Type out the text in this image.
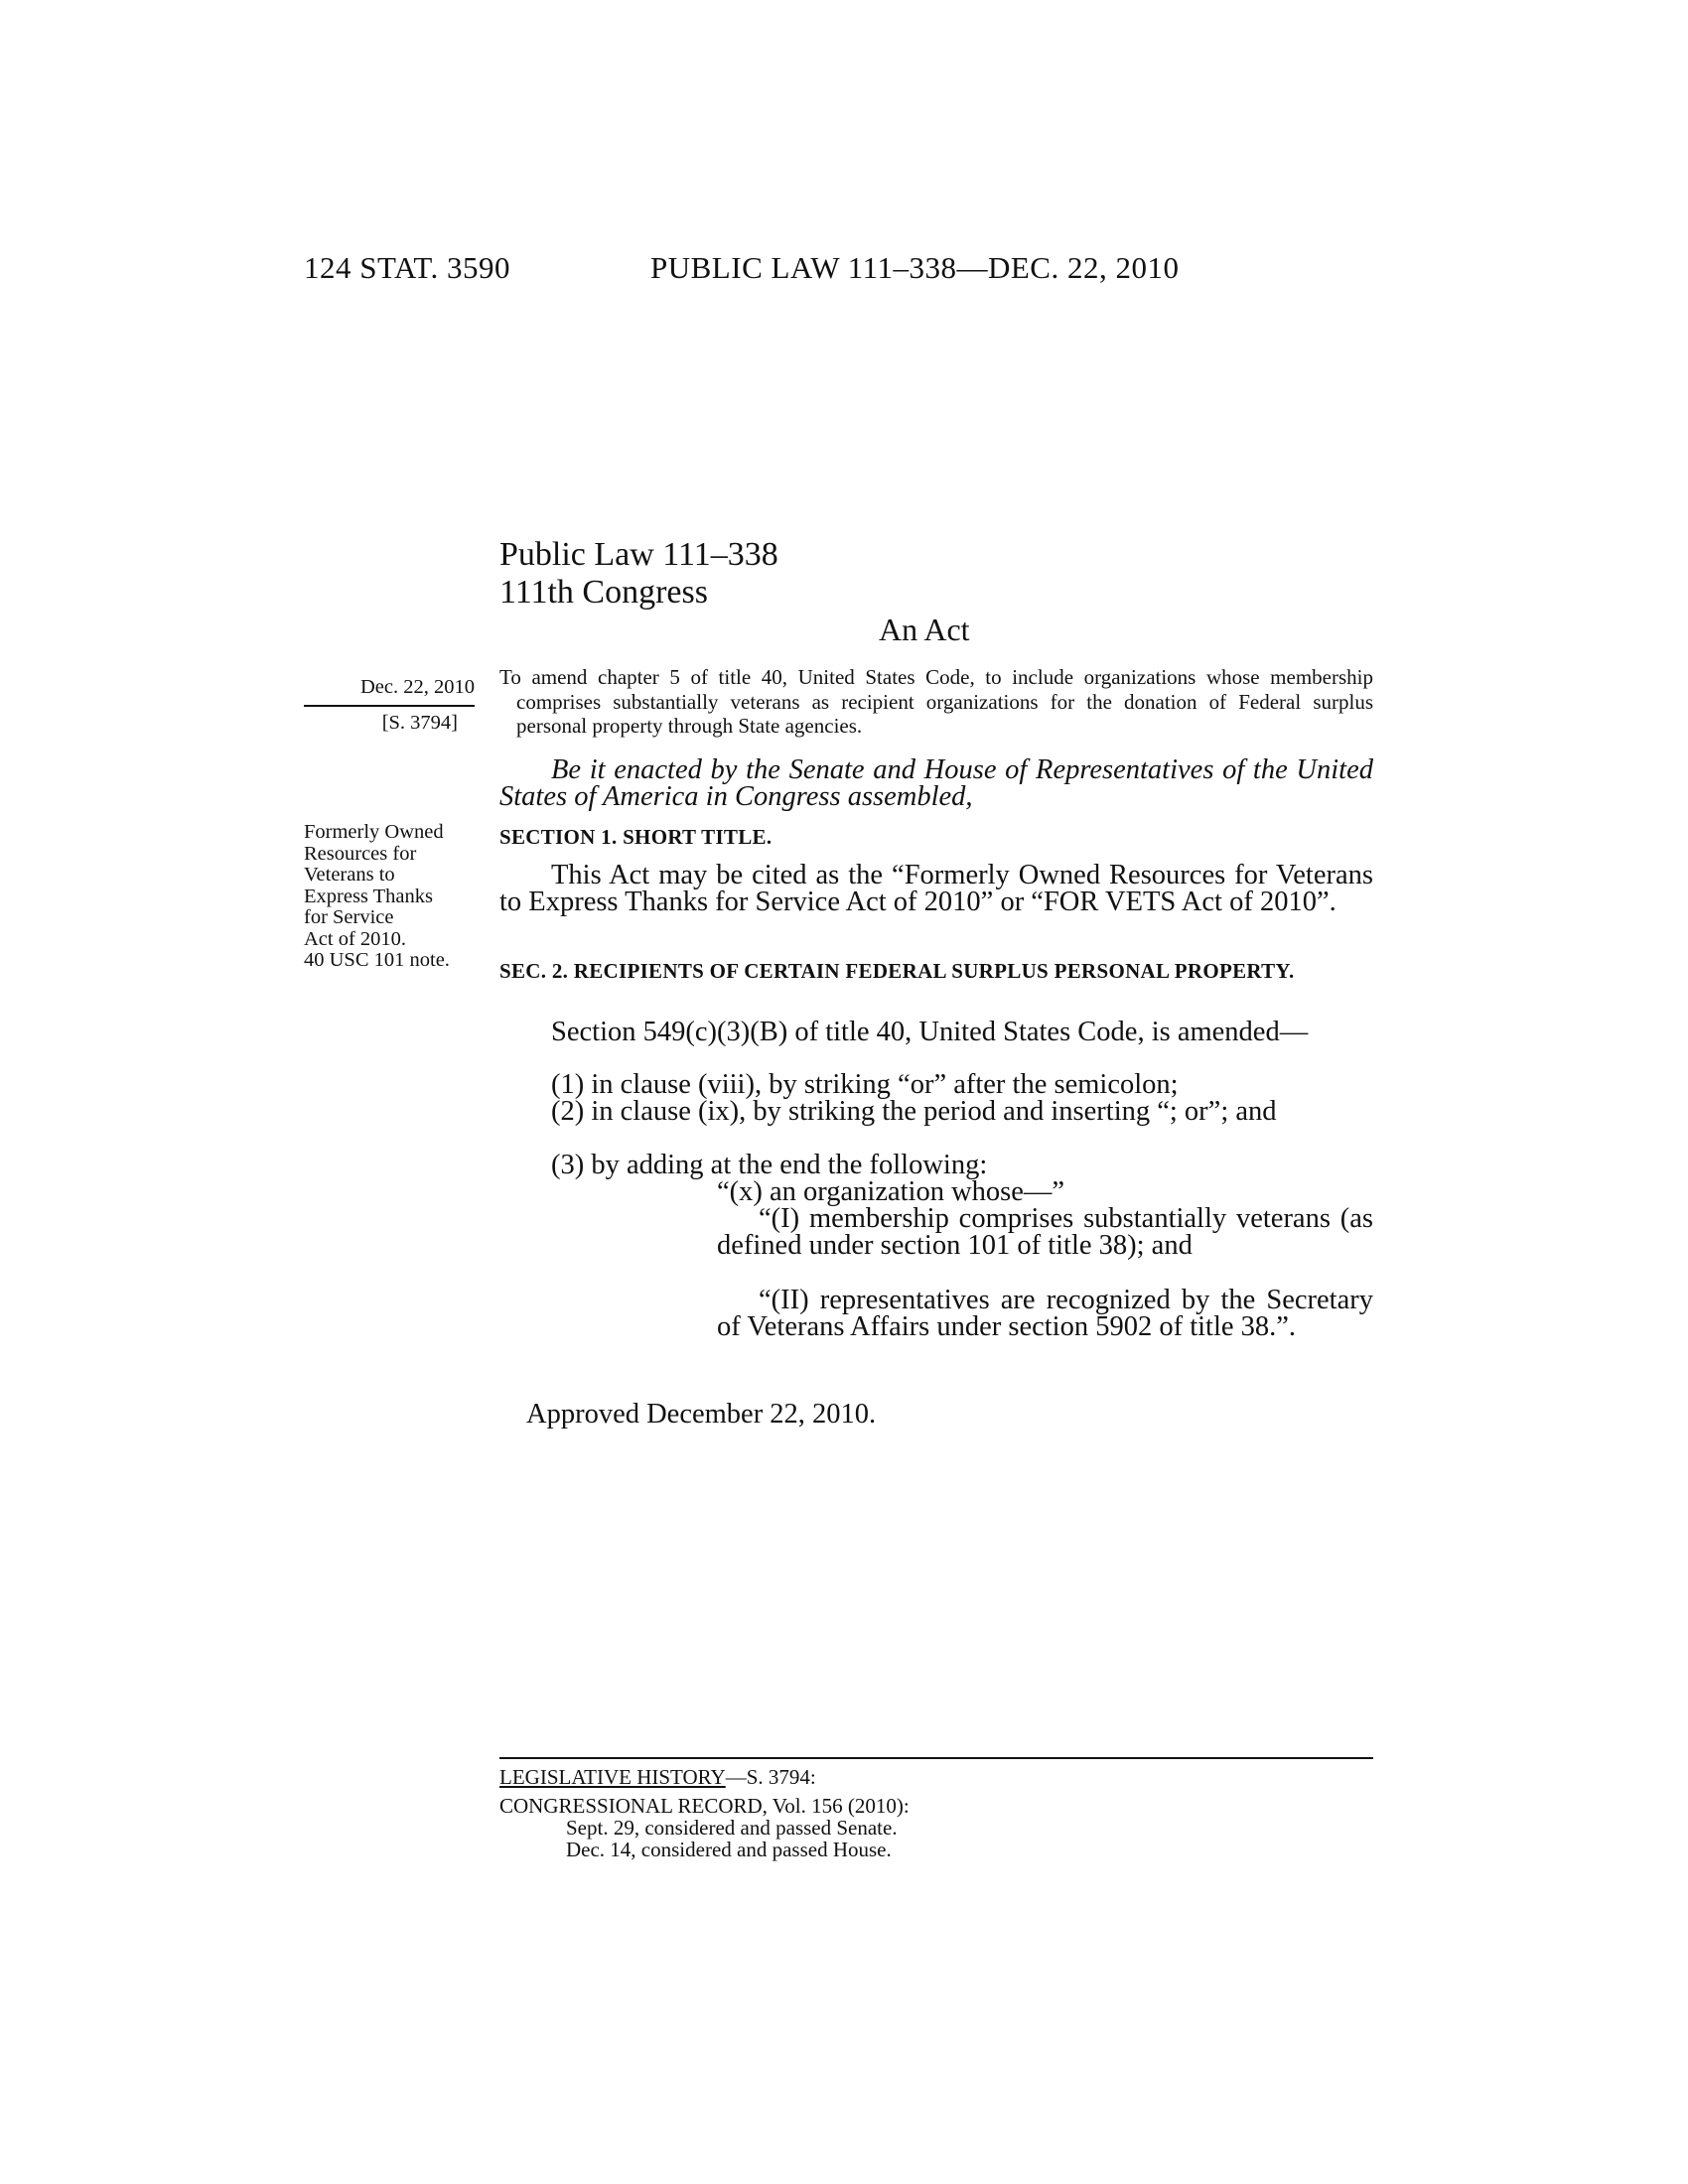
124 STAT. 3590	PUBLIC LAW 111–338—DEC. 22, 2010
Public Law 111–338
111th Congress
An Act
Dec. 22, 2010
[S. 3794]
Formerly Owned
Resources for
Veterans to
Express Thanks
for Service
Act of 2010.
40 USC 101 note.
To amend chapter 5 of title 40, United States Code, to include organizations whose membership comprises substantially veterans as recipient organizations for the donation of Federal surplus personal property through State agencies.
Be it enacted by the Senate and House of Representatives of the United States of America in Congress assembled,
SECTION 1. SHORT TITLE.
This Act may be cited as the “Formerly Owned Resources for Veterans to Express Thanks for Service Act of 2010” or “FOR VETS Act of 2010”.
SEC. 2. RECIPIENTS OF CERTAIN FEDERAL SURPLUS PERSONAL PROPERTY.
Section 549(c)(3)(B) of title 40, United States Code, is amended—
(1) in clause (viii), by striking “or” after the semicolon;
(2) in clause (ix), by striking the period and inserting “; or”; and
(3) by adding at the end the following:
“(x) an organization whose—”
“(I) membership comprises substantially veterans (as defined under section 101 of title 38); and
“(II) representatives are recognized by the Secretary of Veterans Affairs under section 5902 of title 38.”.
Approved December 22, 2010.
LEGISLATIVE HISTORY—S. 3794:
CONGRESSIONAL RECORD, Vol. 156 (2010):
Sept. 29, considered and passed Senate.
Dec. 14, considered and passed House.
